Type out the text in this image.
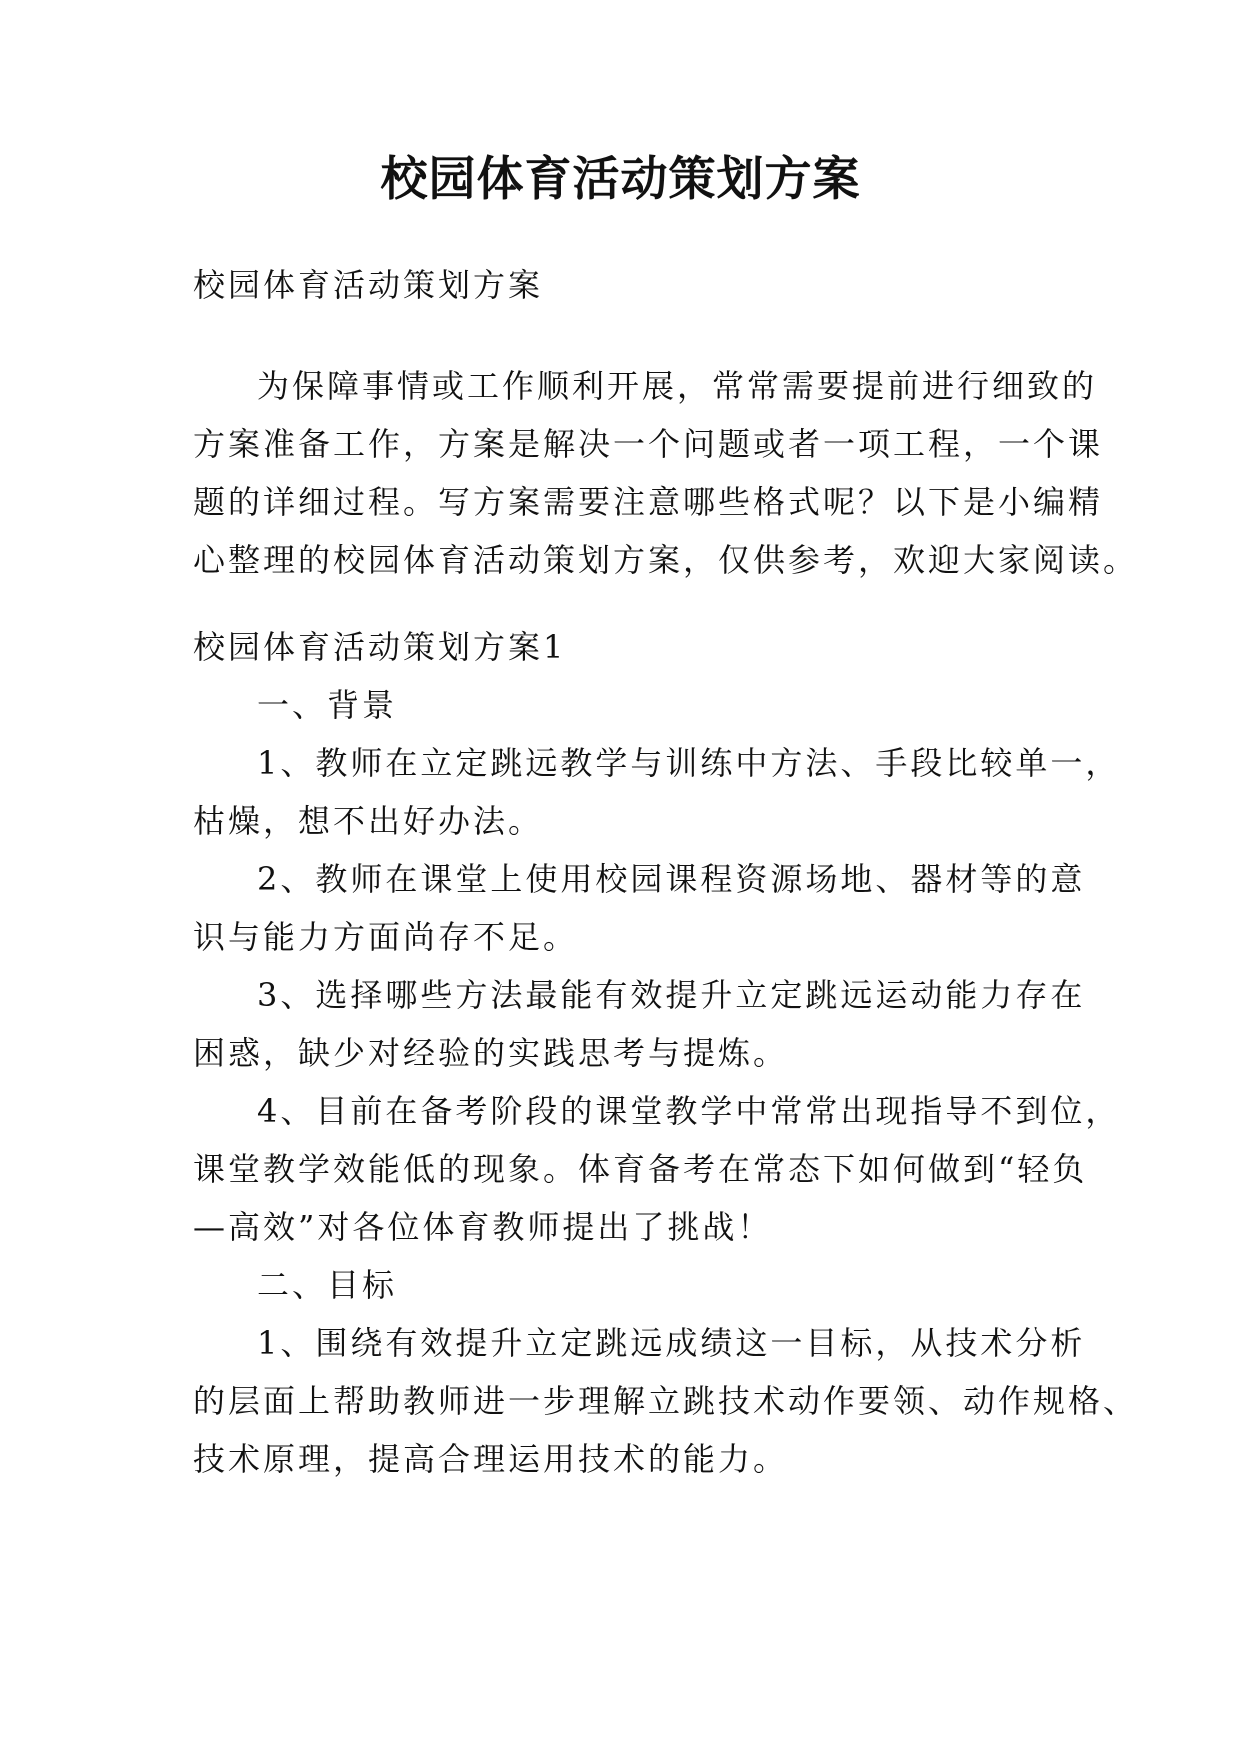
校园体育活动策划方案
校园体育活动策划方案
为保障事情或工作顺利开展，常常需要提前进行细致的
方案准备工作，方案是解决一个问题或者一项工程，一个课
题的详细过程。写方案需要注意哪些格式呢？以下是小编精
心整理的校园体育活动策划方案，仅供参考，欢迎大家阅读。
校园体育活动策划方案1
一、背景
1、教师在立定跳远教学与训练中方法、手段比较单一，
枯燥，想不出好办法。
2、教师在课堂上使用校园课程资源场地、器材等的意
识与能力方面尚存不足。
3、选择哪些方法最能有效提升立定跳远运动能力存在
困惑，缺少对经验的实践思考与提炼。
4、目前在备考阶段的课堂教学中常常出现指导不到位，
课堂教学效能低的现象。体育备考在常态下如何做到“轻负
—高效”对各位体育教师提出了挑战！
二、目标
1、围绕有效提升立定跳远成绩这一目标，从技术分析
的层面上帮助教师进一步理解立跳技术动作要领、动作规格、
技术原理，提高合理运用技术的能力。
